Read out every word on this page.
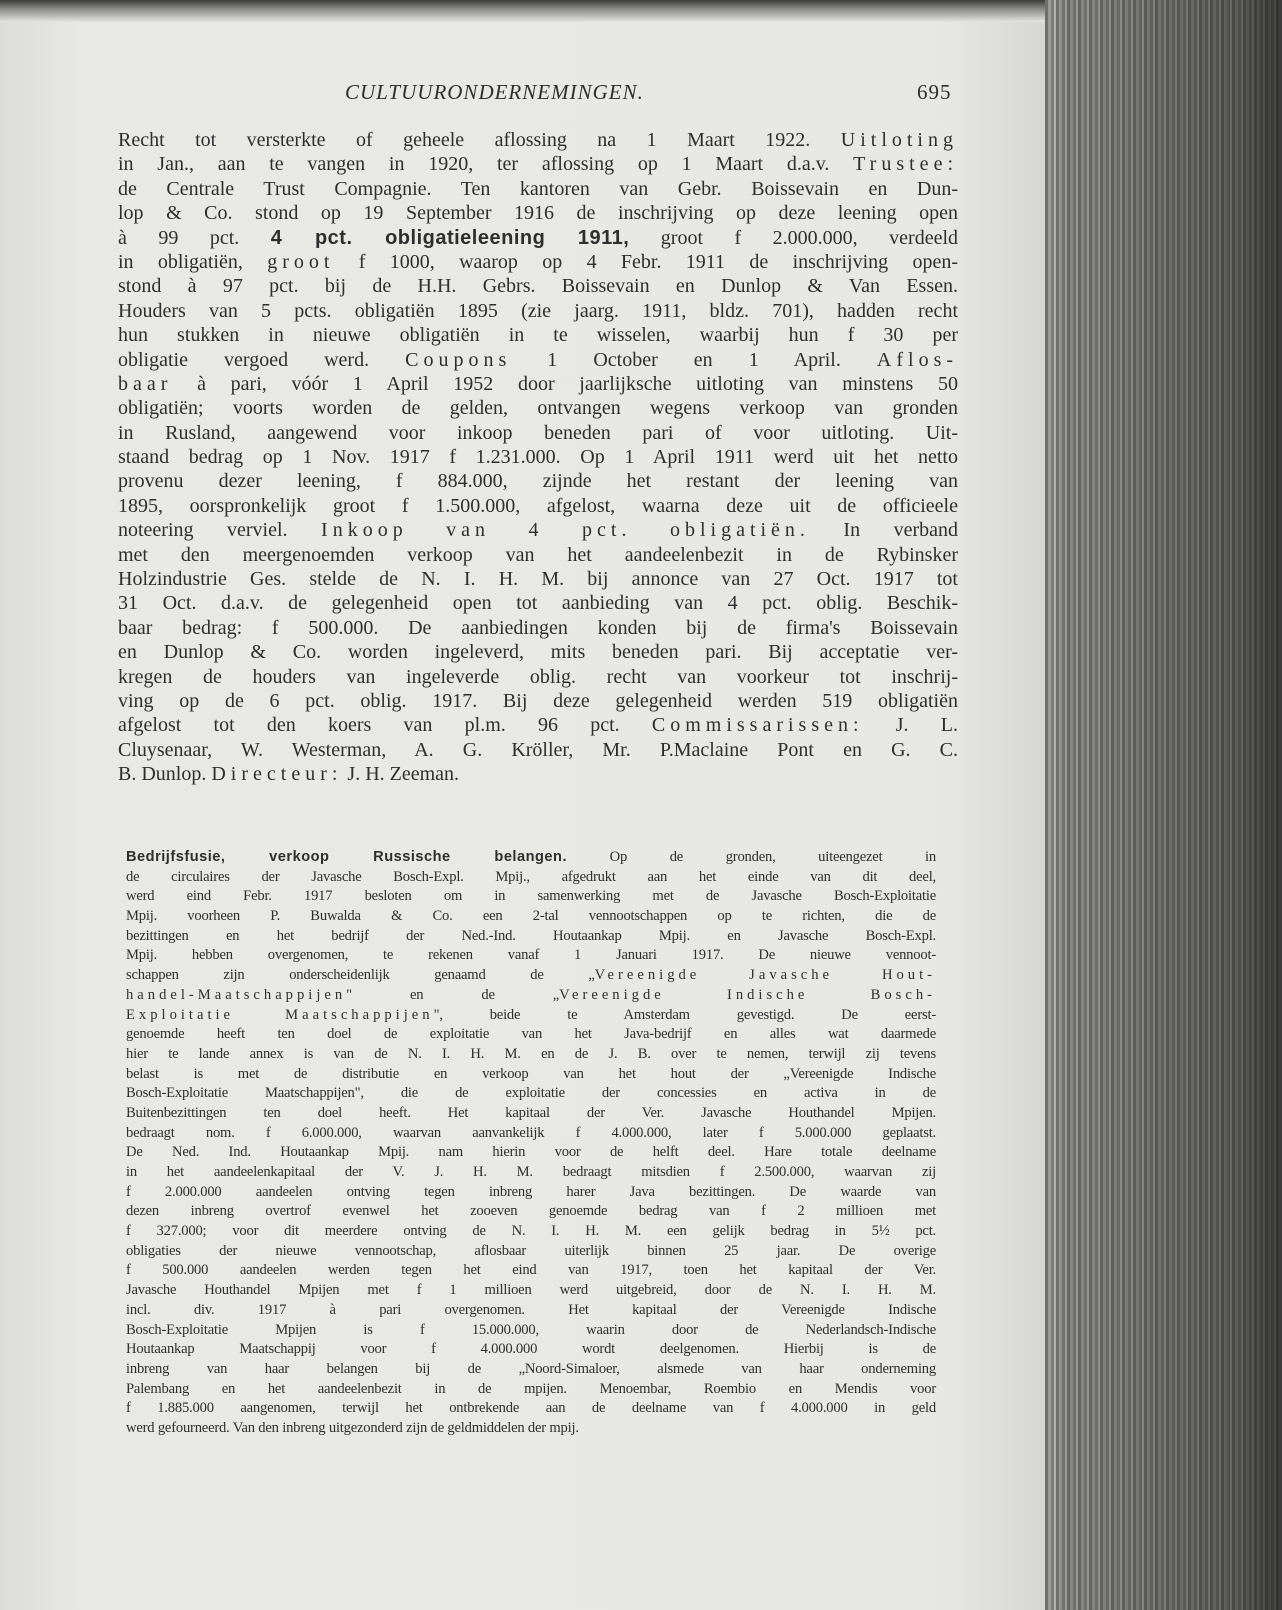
CULTUURONDERNEMINGEN.	695
Recht tot versterkte of geheele aflossing na 1 Maart 1922. Uitloting
in Jan., aan te vangen in 1920, ter aflossing op 1 Maart d.a.v. Trustee:
de Centrale Trust Compagnie. Ten kantoren van Gebr. Boissevain en Dun-
lop & Co. stond op 19 September 1916 de inschrijving op deze leening open
à 99 pct. 4 pct. obligatieleening 1911, groot f 2.000.000, verdeeld
in obligatiën, groot f 1000, waarop op 4 Febr. 1911 de inschrijving open-
stond à 97 pct. bij de H.H. Gebrs. Boissevain en Dunlop & Van Essen.
Houders van 5 pcts. obligatiën 1895 (zie jaarg. 1911, bldz. 701), hadden recht
hun stukken in nieuwe obligatiën in te wisselen, waarbij hun f 30 per
obligatie vergoed werd. Coupons 1 October en 1 April. Aflos-
baar à pari, vóór 1 April 1952 door jaarlijksche uitloting van minstens 50
obligatiën; voorts worden de gelden, ontvangen wegens verkoop van gronden
in Rusland, aangewend voor inkoop beneden pari of voor uitloting. Uit-
staand bedrag op 1 Nov. 1917 f 1.231.000. Op 1 April 1911 werd uit het netto
provenu dezer leening, f 884.000, zijnde het restant der leening van
1895, oorspronkelijk groot f 1.500.000, afgelost, waarna deze uit de officieele
noteering verviel. Inkoop van 4 pct. obligatiën. In verband
met den meergenoemden verkoop van het aandeelenbezit in de Rybinsker
Holzindustrie Ges. stelde de N. I. H. M. bij annonce van 27 Oct. 1917 tot
31 Oct. d.a.v. de gelegenheid open tot aanbieding van 4 pct. oblig. Beschik-
baar bedrag: f 500.000. De aanbiedingen konden bij de firma's Boissevain
en Dunlop & Co. worden ingeleverd, mits beneden pari. Bij acceptatie ver-
kregen de houders van ingeleverde oblig. recht van voorkeur tot inschrij-
ving op de 6 pct. oblig. 1917. Bij deze gelegenheid werden 519 obligatiën
afgelost tot den koers van pl.m. 96 pct. Commissarissen: J. L.
Cluysenaar, W. Westerman, A. G. Kröller, Mr. P.Maclaine Pont en G. C.
B. Dunlop. Directeur: J. H. Zeeman.
Bedrijfsfusie, verkoop Russische belangen. Op de gronden, uiteengezet in
de circulaires der Javasche Bosch-Expl. Mpij., afgedrukt aan het einde van dit deel,
werd eind Febr. 1917 besloten om in samenwerking met de Javasche Bosch-Exploitatie
Mpij. voorheen P. Buwalda & Co. een 2-tal vennootschappen op te richten, die de
bezittingen en het bedrijf der Ned.-Ind. Houtaankap Mpij. en Javasche Bosch-Expl.
Mpij. hebben overgenomen, te rekenen vanaf 1 Januari 1917. De nieuwe vennoot-
schappen zijn onderscheidenlijk genaamd de „Vereenigde Javasche Hout-
handel-Maatschappijen" en de „Vereenigde Indische Bosch-
Exploitatie Maatschappijen", beide te Amsterdam gevestigd. De eerst-
genoemde heeft ten doel de exploitatie van het Java-bedrijf en alles wat daarmede
hier te lande annex is van de N. I. H. M. en de J. B. over te nemen, terwijl zij tevens
belast is met de distributie en verkoop van het hout der „Vereenigde Indische
Bosch-Exploitatie Maatschappijen", die de exploitatie der concessies en activa in de
Buitenbezittingen ten doel heeft. Het kapitaal der Ver. Javasche Houthandel Mpijen.
bedraagt nom. f 6.000.000, waarvan aanvankelijk f 4.000.000, later f 5.000.000 geplaatst.
De Ned. Ind. Houtaankap Mpij. nam hierin voor de helft deel. Hare totale deelname
in het aandeelenkapitaal der V. J. H. M. bedraagt mitsdien f 2.500.000, waarvan zij
f 2.000.000 aandeelen ontving tegen inbreng harer Java bezittingen. De waarde van
dezen inbreng overtrof evenwel het zooeven genoemde bedrag van f 2 millioen met
f 327.000; voor dit meerdere ontving de N. I. H. M. een gelijk bedrag in 5½ pct.
obligaties der nieuwe vennootschap, aflosbaar uiterlijk binnen 25 jaar. De overige
f 500.000 aandeelen werden tegen het eind van 1917, toen het kapitaal der Ver.
Javasche Houthandel Mpijen met f 1 millioen werd uitgebreid, door de N. I. H. M.
incl. div. 1917 à pari overgenomen. Het kapitaal der Vereenigde Indische
Bosch-Exploitatie Mpijen is f 15.000.000, waarin door de Nederlandsch-Indische
Houtaankap Maatschappij voor f 4.000.000 wordt deelgenomen. Hierbij is de
inbreng van haar belangen bij de „Noord-Simaloer, alsmede van haar onderneming
Palembang en het aandeelenbezit in de mpijen. Menoembar, Roembio en Mendis voor
f 1.885.000 aangenomen, terwijl het ontbrekende aan de deelname van f 4.000.000 in geld
werd gefourneerd. Van den inbreng uitgezonderd zijn de geldmiddelen der mpij.
